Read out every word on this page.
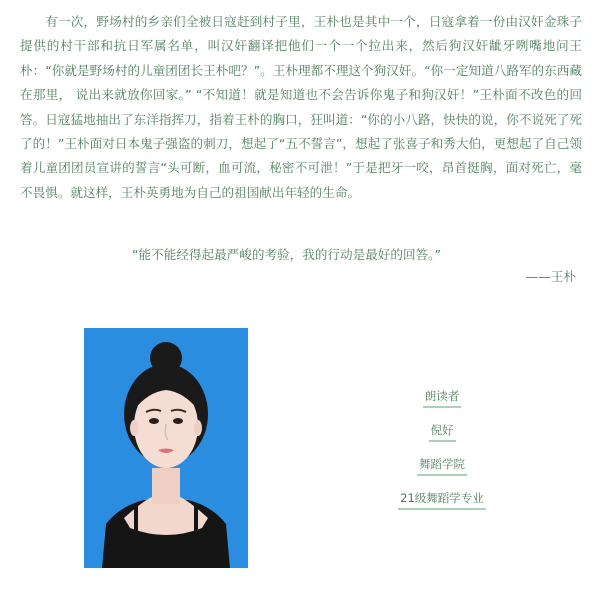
有一次，野场村的乡亲们全被日寇赶到村子里，王朴也是其中一个，日寇拿着一份由汉奸金珠子提供的村干部和抗日军属名单，叫汉奸翻译把他们一个一个拉出来，然后狗汉奸龇牙咧嘴地问王朴：“你就是野场村的儿童团团长王朴吧？”。王朴理都不理这个狗汉奸。“你一定知道八路军的东西藏在那里， 说出来就放你回家。” “不知道！就是知道也不会告诉你鬼子和狗汉奸！”王朴面不改色的回答。日寇猛地抽出了东洋指挥刀，指着王朴的胸口，狂叫道：“你的小八路，快快的说，你不说死了死了的！”王朴面对日本鬼子强盗的刺刀，想起了“五不誓言”，想起了张喜子和秀大伯，更想起了自己领着儿童团团员宣讲的誓言“头可断，血可流，秘密不可泄！”于是把牙一咬，昂首挺胸，面对死亡，毫不畏惧。就这样，王朴英勇地为自己的祖国献出年轻的生命。

“能不能经得起最严峻的考验，我的行动是最好的回答。”

——王朴

朗读者
倪好
舞蹈学院
21级舞蹈学专业
